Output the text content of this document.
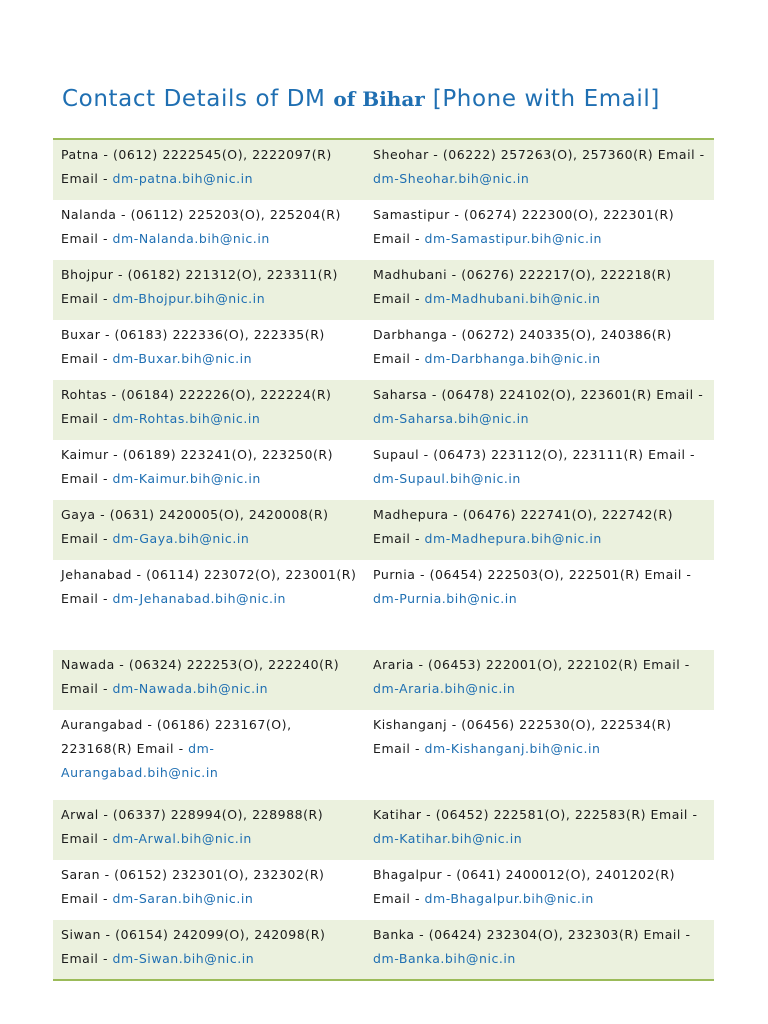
Contact Details of DM of Bihar [Phone with Email]
Patna - (0612) 2222545(O), 2222097(R) Email - dm-patna.bih@nic.in
Sheohar - (06222) 257263(O), 257360(R) Email - dm-Sheohar.bih@nic.in
Nalanda - (06112) 225203(O), 225204(R) Email - dm-Nalanda.bih@nic.in
Samastipur - (06274) 222300(O), 222301(R) Email - dm-Samastipur.bih@nic.in
Bhojpur - (06182) 221312(O), 223311(R) Email - dm-Bhojpur.bih@nic.in
Madhubani - (06276) 222217(O), 222218(R) Email - dm-Madhubani.bih@nic.in
Buxar - (06183) 222336(O), 222335(R) Email - dm-Buxar.bih@nic.in
Darbhanga - (06272) 240335(O), 240386(R) Email - dm-Darbhanga.bih@nic.in
Rohtas - (06184) 222226(O), 222224(R) Email - dm-Rohtas.bih@nic.in
Saharsa - (06478) 224102(O), 223601(R) Email - dm-Saharsa.bih@nic.in
Kaimur - (06189) 223241(O), 223250(R) Email - dm-Kaimur.bih@nic.in
Supaul - (06473) 223112(O), 223111(R) Email - dm-Supaul.bih@nic.in
Gaya - (0631) 2420005(O), 2420008(R) Email - dm-Gaya.bih@nic.in
Madhepura - (06476) 222741(O), 222742(R) Email - dm-Madhepura.bih@nic.in
Jehanabad - (06114) 223072(O), 223001(R) Email - dm-Jehanabad.bih@nic.in
Purnia - (06454) 222503(O), 222501(R) Email - dm-Purnia.bih@nic.in
Nawada - (06324) 222253(O), 222240(R) Email - dm-Nawada.bih@nic.in
Araria - (06453) 222001(O), 222102(R) Email - dm-Araria.bih@nic.in
Aurangabad - (06186) 223167(O), 223168(R) Email - dm-Aurangabad.bih@nic.in
Kishanganj - (06456) 222530(O), 222534(R) Email - dm-Kishanganj.bih@nic.in
Arwal - (06337) 228994(O), 228988(R) Email - dm-Arwal.bih@nic.in
Katihar - (06452) 222581(O), 222583(R) Email - dm-Katihar.bih@nic.in
Saran - (06152) 232301(O), 232302(R) Email - dm-Saran.bih@nic.in
Bhagalpur - (0641) 2400012(O), 2401202(R) Email - dm-Bhagalpur.bih@nic.in
Siwan - (06154) 242099(O), 242098(R) Email - dm-Siwan.bih@nic.in
Banka - (06424) 232304(O), 232303(R) Email - dm-Banka.bih@nic.in
